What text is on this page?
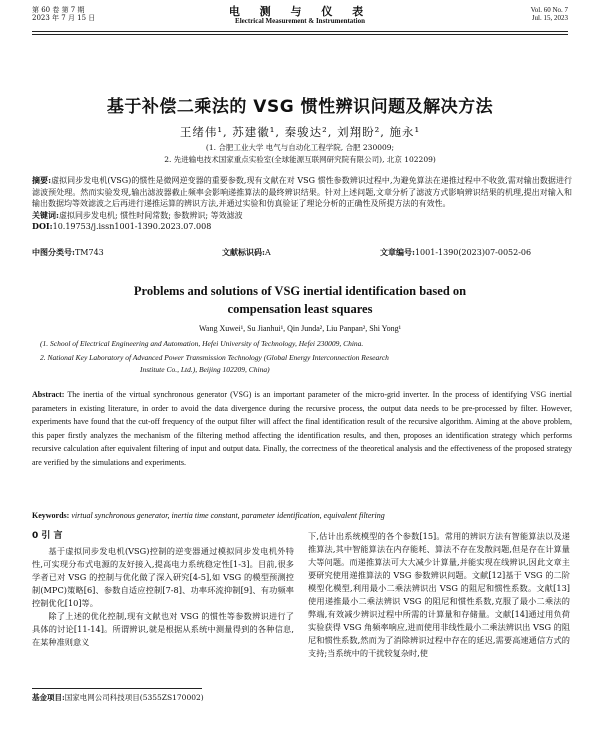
第 60 卷 第 7 期
2023 年 7 月 15 日	电 测 与 仪 表
Electrical Measurement & Instrumentation
Vol. 60 No. 7
Jul. 15, 2023
基于补偿二乘法的 VSG 惯性辨识问题及解决方法
王绪伟¹, 苏建徽¹, 秦骏达², 刘翔盼², 施永¹
(1. 合肥工业大学 电气与自动化工程学院, 合肥 230009;
2. 先进输电技术国家重点实验室(全球能源互联网研究院有限公司), 北京 102209)
摘要:虚拟同步发电机(VSG)的惯性是微网逆变器的重要参数,现有文献在对 VSG 惯性参数辨识过程中,为避免算法在递推过程中不收敛,需对输出数据进行滤波预处理。然而实验发现,输出滤波器截止频率会影响递推算法的最终辨识结果。针对上述问题,文章分析了滤波方式影响辨识结果的机理,提出对输入和输出数据均等效滤波之后再进行递推运算的辨识方法,并通过实验和仿真验证了理论分析的正确性及所提方法的有效性。
关键词:虚拟同步发电机; 惯性时间常数; 参数辨识; 等效滤波
DOI:10.19753/j.issn1001-1390.2023.07.008
中图分类号:TM743	文献标识码:A	文章编号:1001-1390(2023)07-0052-06
Problems and solutions of VSG inertial identification based on
compensation least squares
Wang Xuwei¹, Su Jianhui¹, Qin Junda², Liu Panpan², Shi Yong¹
(1. School of Electrical Engineering and Automation, Hefei University of Technology, Hefei 230009, China.
2. National Key Laboratory of Advanced Power Transmission Technology (Global Energy Interconnection Research
Institute Co., Ltd.), Beijing 102209, China)
Abstract: The inertia of the virtual synchronous generator (VSG) is an important parameter of the micro-grid inverter. In the process of identifying VSG inertial parameters in existing literature, in order to avoid the data divergence during the recursive process, the output data needs to be pre-processed by filter. However, experiments have found that the cut-off frequency of the output filter will affect the final identification result of the recursive algorithm. Aiming at the above problem, this paper firstly analyzes the mechanism of the filtering method affecting the identification results, and then, proposes an identification strategy which performs recursive calculation after equivalent filtering of input and output data. Finally, the correctness of the theoretical analysis and the effectiveness of the proposed strategy are verified by the simulations and experiments.
Keywords: virtual synchronous generator, inertia time constant, parameter identification, equivalent filtering
0 引 言

基于虚拟同步发电机(VSG)控制的逆变器通过模拟同步发电机外特性,可实现分布式电源的友好接入,提高电力系统稳定性[1-3]。目前,很多学者已对 VSG 的控制与优化做了深入研究[4-5],如 VSG 的模型预测控制(MPC)策略[6]、参数自适应控制[7-8]、功率环流抑制[9]、有功频率控制优化[10]等。

除了上述的优化控制,现有文献也对 VSG 的惯性等参数辨识进行了具体的讨论[11-14]。所谓辨识,就是根据从系统中测量得到的各种信息,在某种准则意义

下,估计出系统模型的各个参数[15]。常用的辨识方法有智能算法以及递推算法,其中智能算法在内存能耗、算法不存在发散问题,但是存在计算量大等问题。而递推算法可大大减少计算量,并能实现在线辨识,因此文章主要研究使用递推算法的 VSG 参数辨识问题。文献[12]基于 VSG 的二阶模型化模型,利用最小二乘法辨识出 VSG 的阻尼和惯性系数。文献[13]使用递推最小二乘法辨识 VSG 的阻尼和惯性系数,克服了最小二乘法的弊端,有效减少辨识过程中所需的计算量和存储量。文献[14]通过用负荷实验获得 VSG 角频率响应,进而使用非线性最小二乘法辨识出 VSG 的阻尼和惯性系数,然而为了消除辨识过程中存在的延迟,需要高速通信方式的支持;当系统中的干扰较复杂时,使

基金项目:国家电网公司科技项目(5355ZS170002)
